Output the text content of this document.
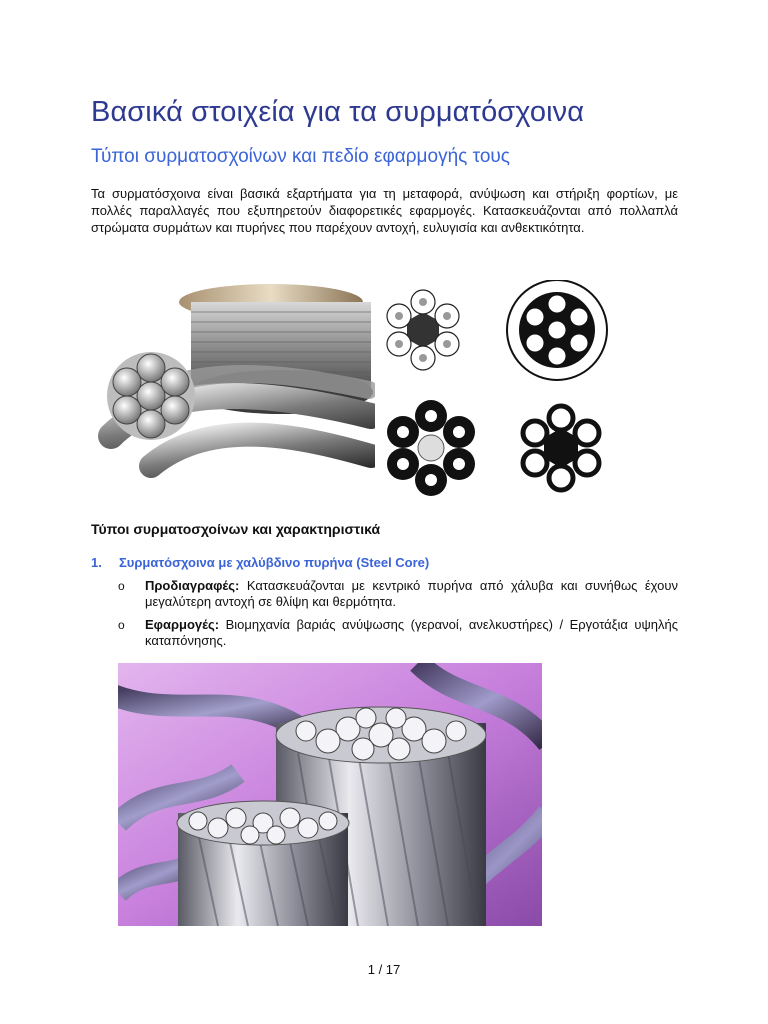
Βασικά στοιχεία για τα συρματόσχοινα
Τύποι συρματοσχοίνων και πεδίο εφαρμογής τους

Τα συρματόσχοινα είναι βασικά εξαρτήματα για τη μεταφορά, ανύψωση και στήριξη φορτίων, με πολλές παραλλαγές που εξυπηρετούν διαφορετικές εφαρμογές. Κατασκευάζονται από πολλαπλά στρώματα συρμάτων και πυρήνες που παρέχουν αντοχή, ευλυγισία και ανθεκτικότητα.

Τύποι συρματοσχοίνων και χαρακτηριστικά
1. Συρματόσχοινα με χαλύβδινο πυρήνα (Steel Core)
o Προδιαγραφές: Κατασκευάζονται με κεντρικό πυρήνα από χάλυβα και συνήθως έχουν μεγαλύτερη αντοχή σε θλίψη και θερμότητα.
o Εφαρμογές: Βιομηχανία βαριάς ανύψωσης (γερανοί, ανελκυστήρες) / Εργοτάξια υψηλής καταπόνησης.
1 / 17
